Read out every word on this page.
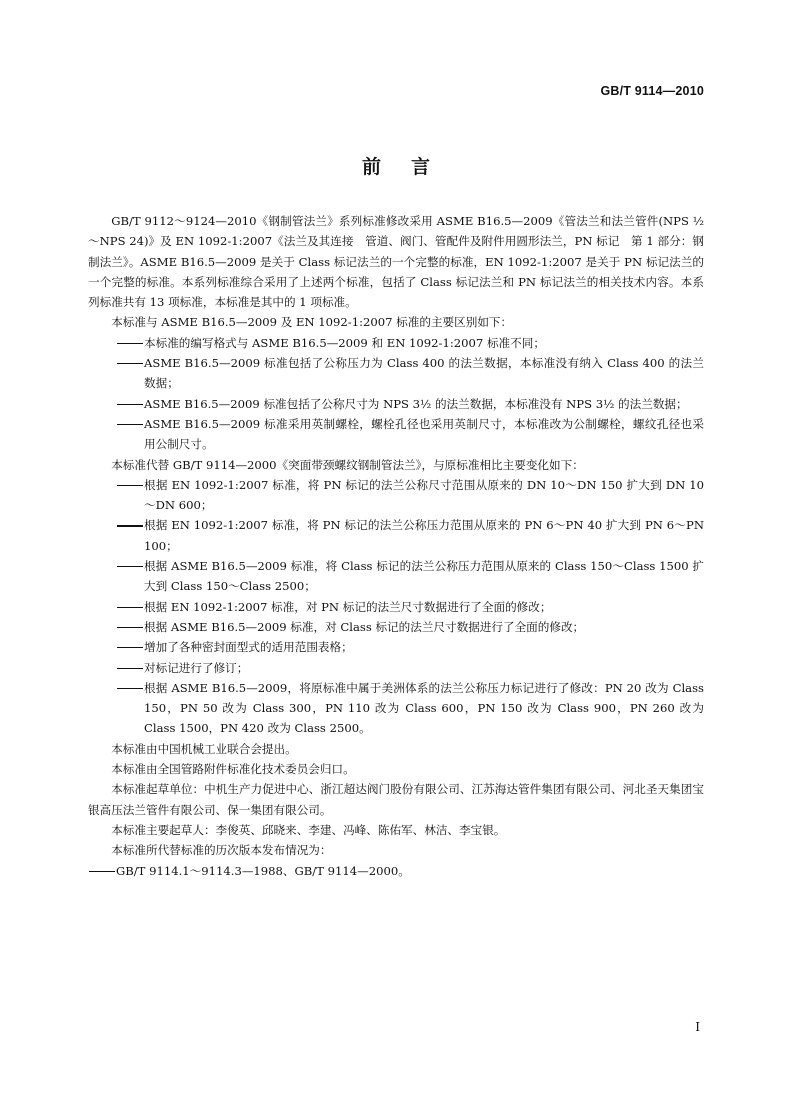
GB/T 9114—2010
前言

GB/T 9112～9124—2010《钢制管法兰》系列标准修改采用 ASME B16.5—2009《管法兰和法兰管件(NPS ½～NPS 24)》及 EN 1092-1:2007《法兰及其连接　管道、阀门、管配件及附件用圆形法兰，PN 标记　第 1 部分：钢制法兰》。ASME B16.5—2009 是关于 Class 标记法兰的一个完整的标准，EN 1092-1:2007 是关于 PN 标记法兰的一个完整的标准。本系列标准综合采用了上述两个标准，包括了 Class 标记法兰和 PN 标记法兰的相关技术内容。本系列标准共有 13 项标准，本标准是其中的 1 项标准。

本标准与 ASME B16.5—2009 及 EN 1092-1:2007 标准的主要区别如下：

本标准的编写格式与 ASME B16.5—2009 和 EN 1092-1:2007 标准不同；

ASME B16.5—2009 标准包括了公称压力为 Class 400 的法兰数据，本标准没有纳入 Class 400 的法兰数据；

ASME B16.5—2009 标准包括了公称尺寸为 NPS 3½ 的法兰数据，本标准没有 NPS 3½ 的法兰数据；

ASME B16.5—2009 标准采用英制螺栓，螺栓孔径也采用英制尺寸，本标准改为公制螺栓，螺纹孔径也采用公制尺寸。

本标准代替 GB/T 9114—2000《突面带颈螺纹钢制管法兰》，与原标准相比主要变化如下：

根据 EN 1092-1:2007 标准，将 PN 标记的法兰公称尺寸范围从原来的 DN 10～DN 150 扩大到 DN 10～DN 600；

根据 EN 1092-1:2007 标准，将 PN 标记的法兰公称压力范围从原来的 PN 6～PN 40 扩大到 PN 6～PN 100；

根据 ASME B16.5—2009 标准，将 Class 标记的法兰公称压力范围从原来的 Class 150～Class 1500 扩大到 Class 150～Class 2500；

根据 EN 1092-1:2007 标准，对 PN 标记的法兰尺寸数据进行了全面的修改；

根据 ASME B16.5—2009 标准，对 Class 标记的法兰尺寸数据进行了全面的修改；

增加了各种密封面型式的适用范围表格；

对标记进行了修订；

根据 ASME B16.5—2009，将原标准中属于美洲体系的法兰公称压力标记进行了修改：PN 20 改为 Class 150，PN 50 改为 Class 300，PN 110 改为 Class 600，PN 150 改为 Class 900，PN 260 改为 Class 1500，PN 420 改为 Class 2500。

本标准由中国机械工业联合会提出。

本标准由全国管路附件标准化技术委员会归口。

本标准起草单位：中机生产力促进中心、浙江超达阀门股份有限公司、江苏海达管件集团有限公司、河北圣天集团宝银高压法兰管件有限公司、保一集团有限公司。

本标准主要起草人：李俊英、邱晓来、李建、冯峰、陈佑军、林洁、李宝银。

本标准所代替标准的历次版本发布情况为：

GB/T 9114.1～9114.3—1988、GB/T 9114—2000。

I
